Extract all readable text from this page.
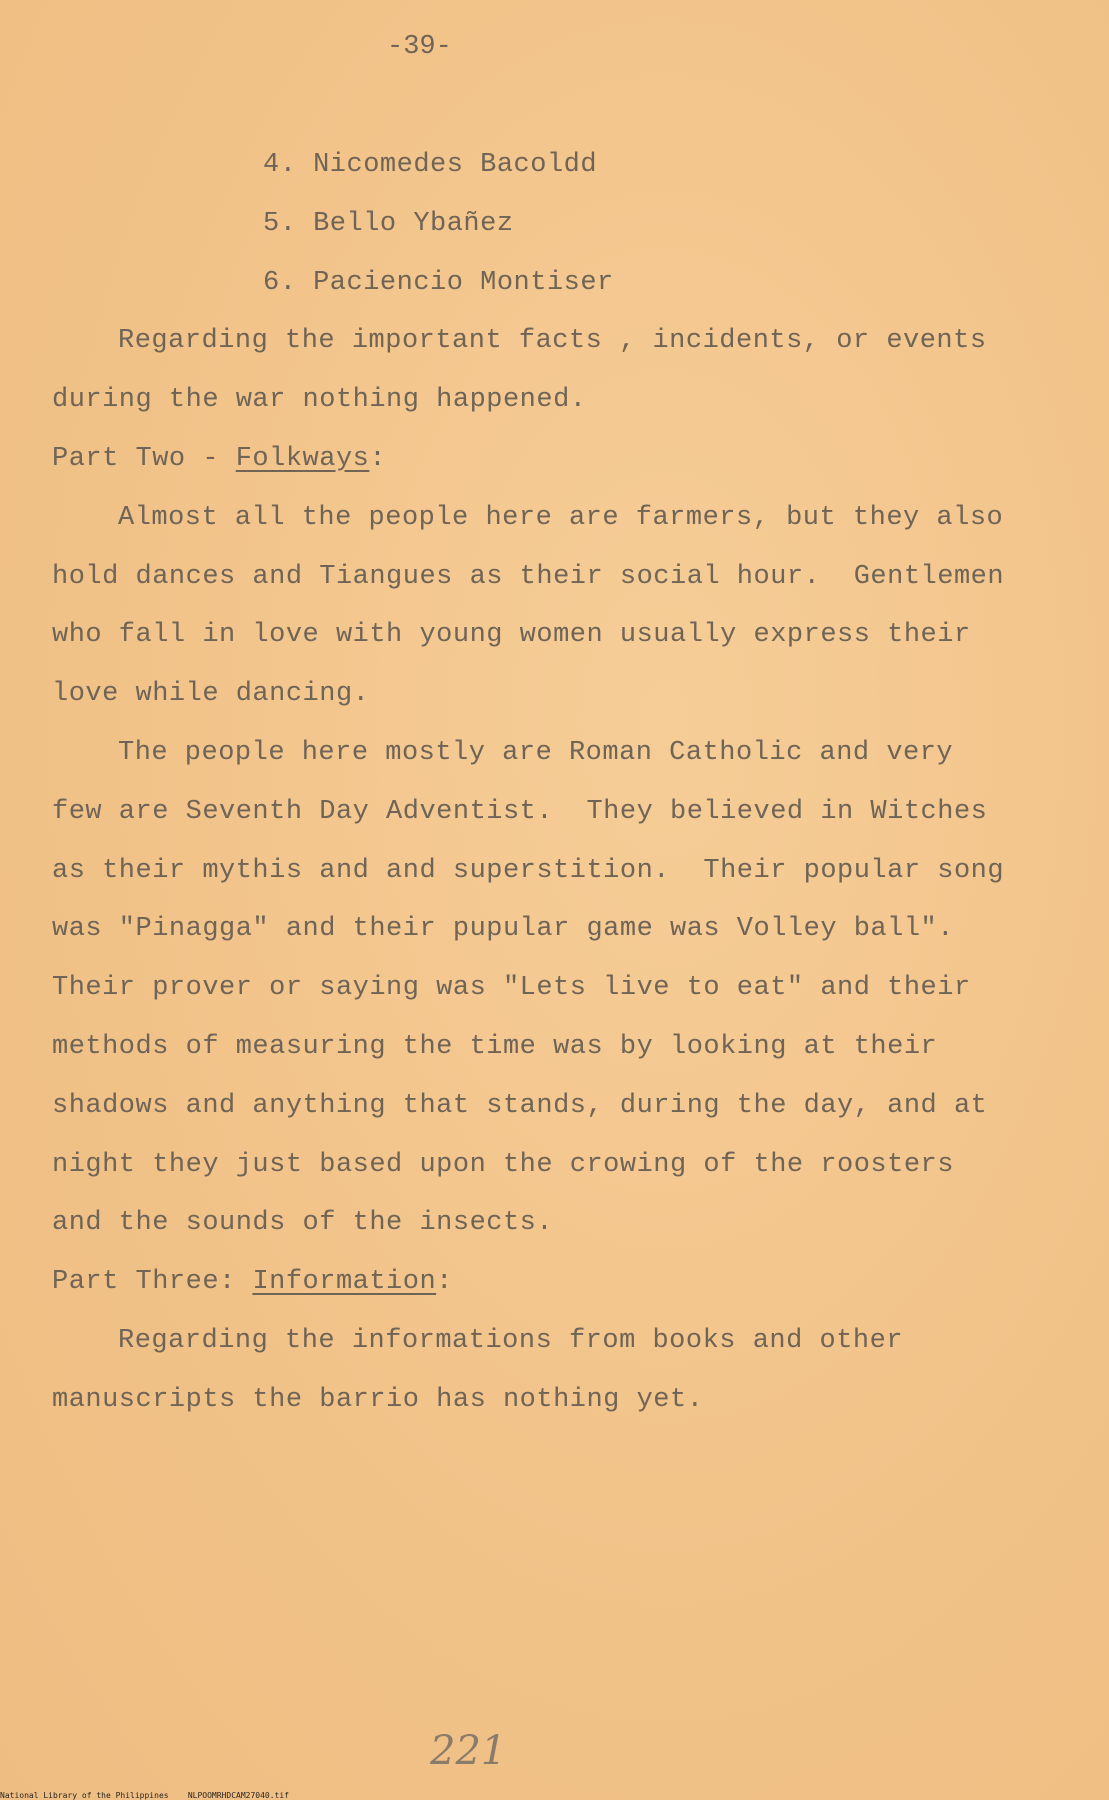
-39-
4. Nicomedes Bacoldd
5. Bello Ybañez
6. Paciencio Montiser
Regarding the important facts , incidents, or events
during the war nothing happened.
Part Two - Folkways:
Almost all the people here are farmers, but they also
hold dances and Tiangues as their social hour.  Gentlemen
who fall in love with young women usually express their
love while dancing.
The people here mostly are Roman Catholic and very
few are Seventh Day Adventist.  They believed in Witches
as their mythis and and superstition.  Their popular song
was "Pinagga" and their pupular game was Volley ball".
Their prover or saying was "Lets live to eat" and their
methods of measuring the time was by looking at their
shadows and anything that stands, during the day, and at
night they just based upon the crowing of the roosters
and the sounds of the insects.
Part Three: Information:
Regarding the informations from books and other
manuscripts the barrio has nothing yet.
221
National Library of the Philippines NLPOOMRHDCAM27040.tif
